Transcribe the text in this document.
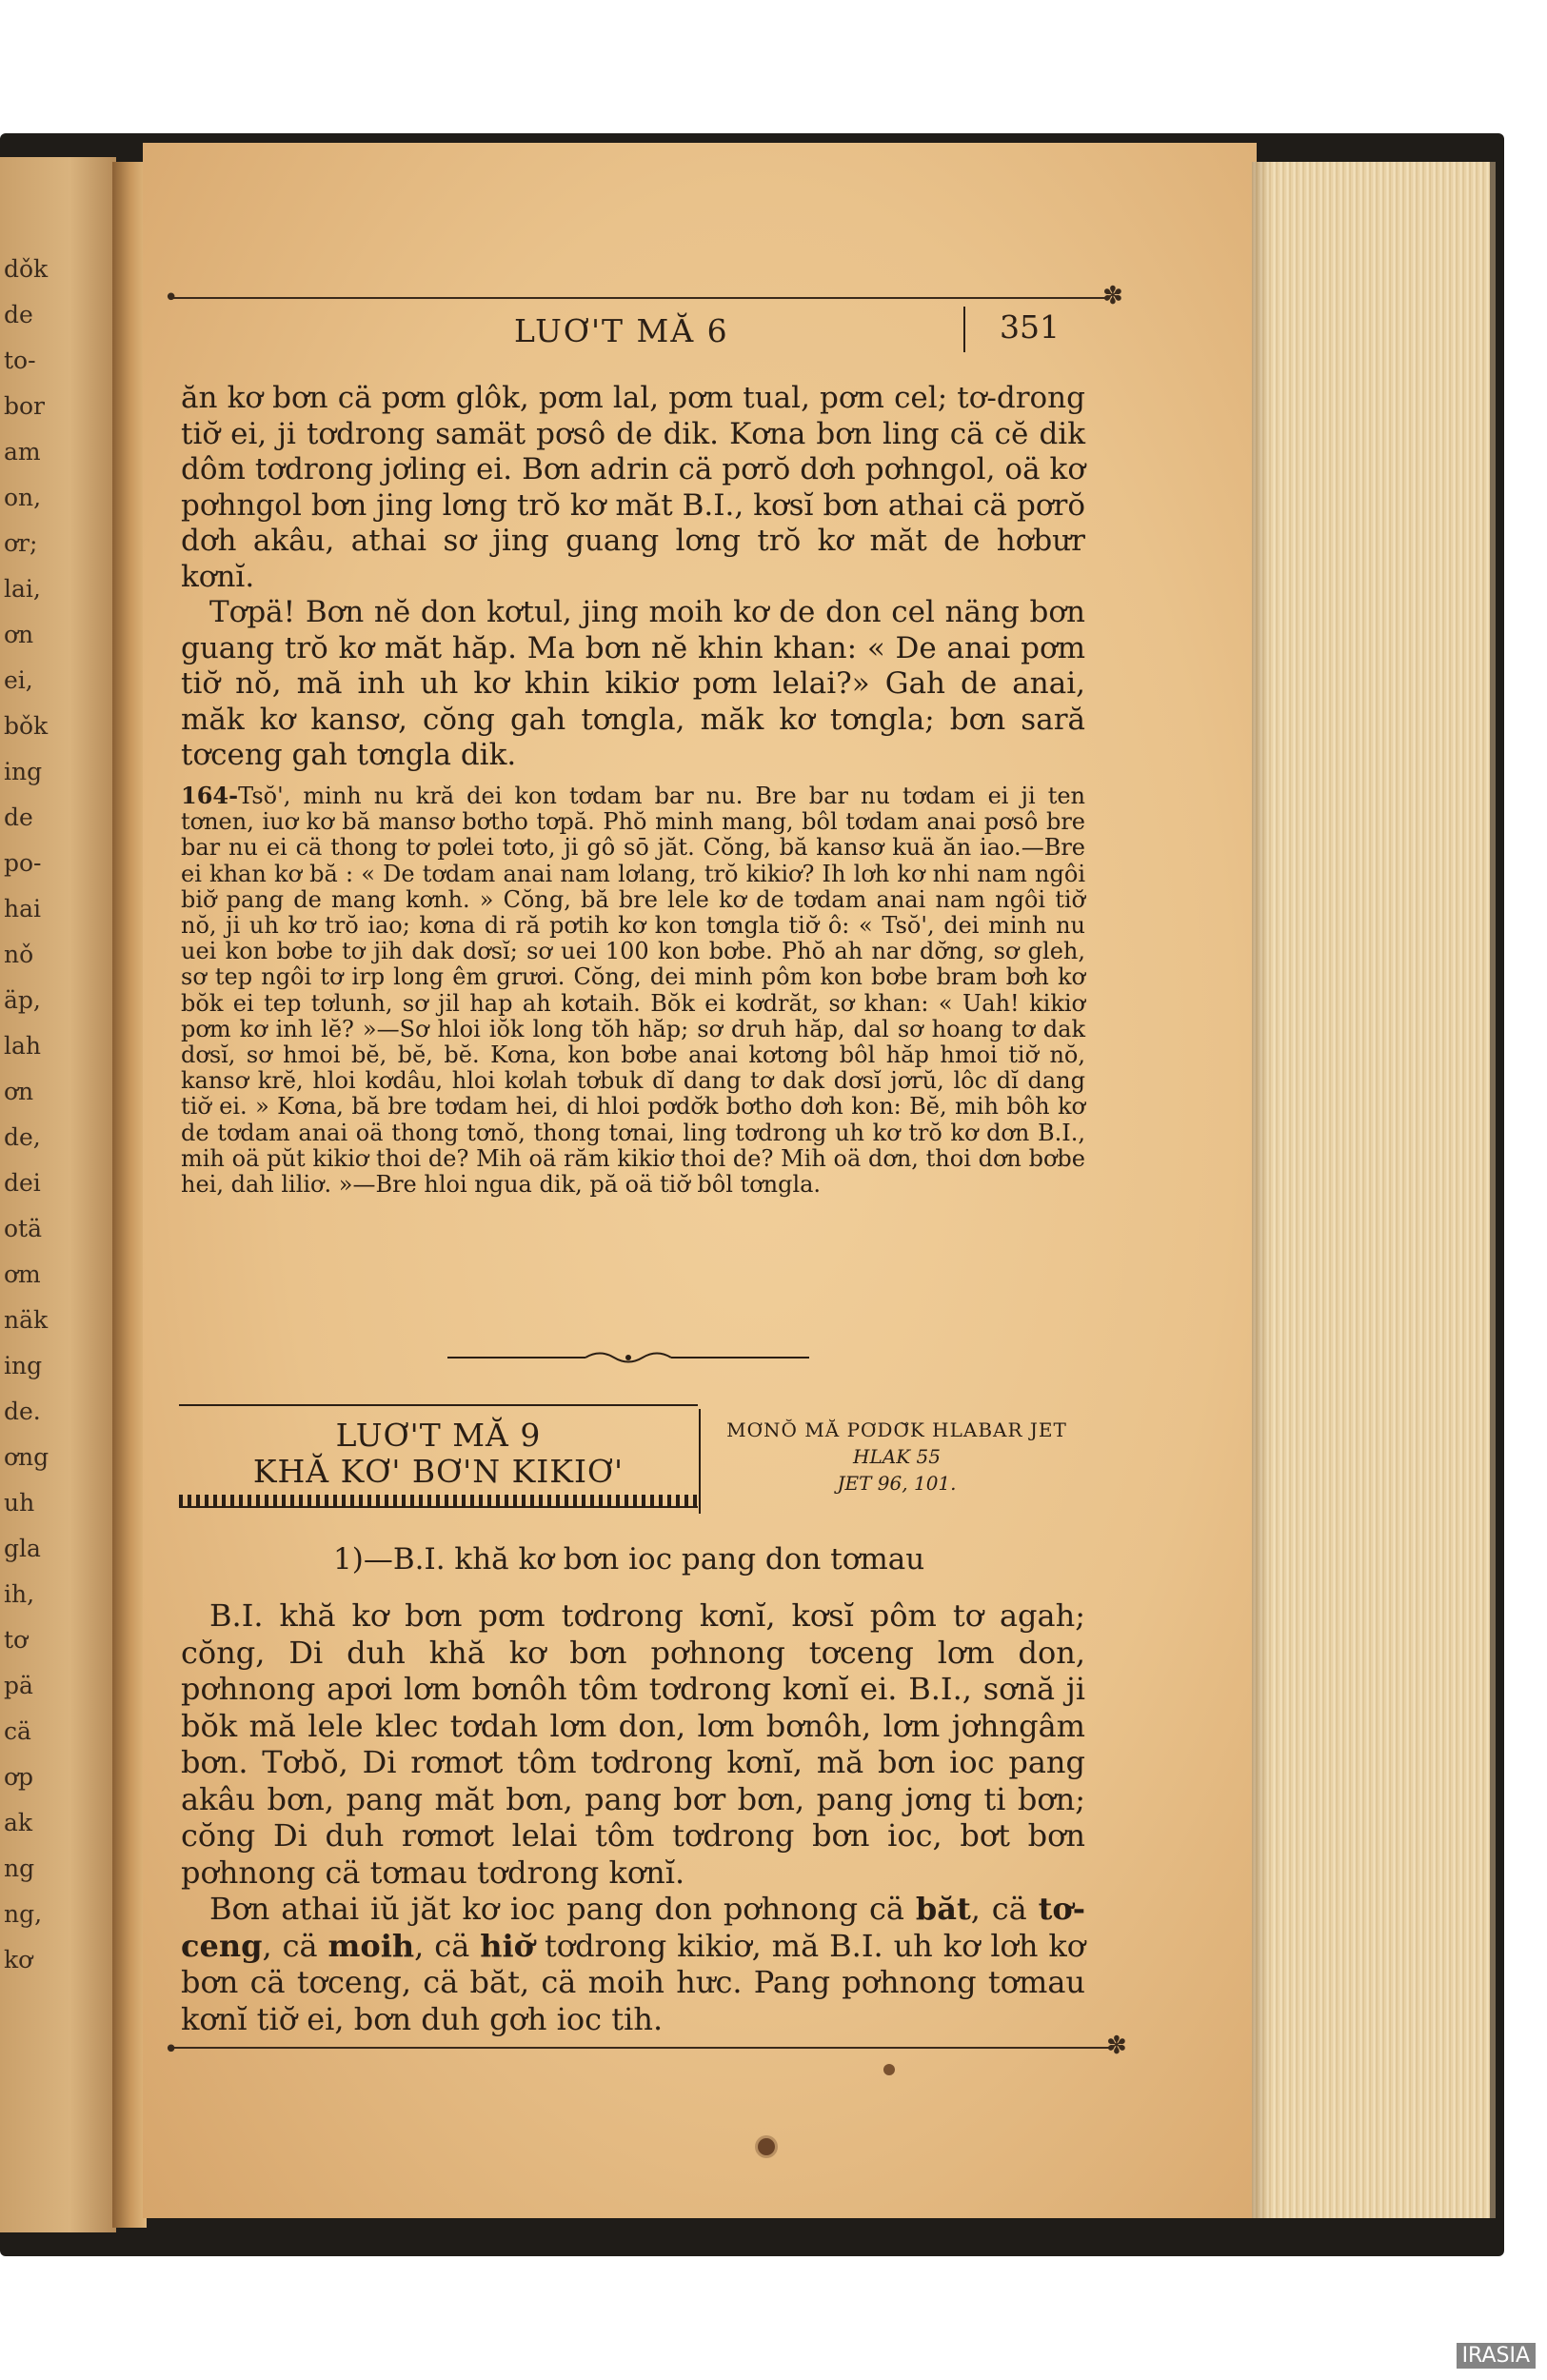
dǒk
de
to-
bor
am
on,
ơr;
lai,
ơn
ei,
bǒk
ing
de
po-
hai
nǒ
äp,
lah
ơn
de,
dei
otä
ơm
näk
ing
de.
ơng
uh
gla
ih,
tơ
pä
cä
ơp
ak
ng
ng,
kơ
•	✽
LUƠ'T MĂ 6	351

ăn kơ bơn cä pơm glôk, pơm lal, pơm tual, pơm cel; tơ-drong tiơ̆ ei, ji tơdrong samät pơsô de dik. Kơna bơn ling cä cĕ dik dôm tơdrong jơling ei. Bơn adrin cä pơrŏ dơh pơhngol, oä kơ pơhngol bơn jing lơng trŏ kơ măt B.I., kơsĭ bơn athai cä pơrŏ dơh akâu, athai sơ jing guang lơng trŏ kơ măt de hơbưr kơnĭ.

Tơpä! Bơn nĕ don kơtul, jing moih kơ de don cel näng bơn guang trŏ kơ măt hăp. Ma bơn nĕ khin khan: « De anai pơm tiơ̆ nŏ, mă inh uh kơ khin kikiơ pơm lelai?» Gah de anai, măk kơ kansơ, cŏng gah tơngla, măk kơ tơngla; bơn sară tơceng gah tơngla dik.

164-Tsŏ', minh nu kră dei kon tơdam bar nu. Bre bar nu tơdam ei ji ten tơnen, iuơ kơ bă mansơ bơtho tơpă. Phŏ minh mang, bôl tơdam anai pơsô bre bar nu ei cä thong tơ pơlei tơto, ji gô sō jăt. Cŏng, bă kansơ kuä ăn iao.—Bre ei khan kơ bă : « De tơdam anai nam lơlang, trŏ kikiơ? Ih lơh kơ nhi nam ngôi biơ̆ pang de mang kơnh. » Cŏng, bă bre lele kơ de tơdam anai nam ngôi tiơ̆ nŏ, ji uh kơ trŏ iao; kơna di ră pơtih kơ kon tơngla tiơ̆ ô: « Tsŏ', dei minh nu uei kon bơbe tơ jih dak dơsĭ; sơ uei 100 kon bơbe. Phŏ ah nar dơ̆ng, sơ gleh, sơ tep ngôi tơ irp long êm grươi. Cŏng, dei minh pôm kon bơbe bram bơh kơ bŏk ei tep tơlunh, sơ jil hap ah kơtaih. Bŏk ei kơdrăt, sơ khan: « Uah! kikiơ pơm kơ inh lĕ? »—Sơ hloi iŏk long tŏh hăp; sơ druh hăp, dal sơ hoang tơ dak dơsĭ, sơ hmoi bĕ, bĕ, bĕ. Kơna, kon bơbe anai kơtơng bôl hăp hmoi tiơ̆ nŏ, kansơ krĕ, hloi kơdâu, hloi kơlah tơbuk dĭ dang tơ dak dơsĭ jơrŭ, lôc dĭ dang tiơ̆ ei. » Kơna, bă bre tơdam hei, di hloi pơdơ̆k bơtho dơh kon: Bĕ, mih bôh kơ de tơdam anai oä thong tơnŏ, thong tơnai, ling tơdrong uh kơ trŏ kơ dơn B.I., mih oä pŭt kikiơ thoi de? Mih oä răm kikiơ thoi de? Mih oä dơn, thoi dơn bơbe hei, dah liliơ. »—Bre hloi ngua dik, pă oä tiơ̆ bôl tơngla.
LUƠ'T MĂ 9
KHĂ KƠ' BƠ'N KIKIƠ'
MƠNŎ MĂ PƠDƠ̆K HLABAR JET
HLAK 55
JET 96, 101.
1)—B.I. khă kơ bơn ioc pang don tơmau

B.I. khă kơ bơn pơm tơdrong kơnĭ, kơsĭ pôm tơ agah; cŏng, Di duh khă kơ bơn pơhnong tơceng lơm don, pơhnong apơi lơm bơnôh tôm tơdrong kơnĭ ei. B.I., sơnă ji bŏk mă lele klec tơdah lơm don, lơm bơnôh, lơm jơhngâm bơn. Tơbŏ, Di rơmơt tôm tơdrong kơnĭ, mă bơn ioc pang akâu bơn, pang măt bơn, pang bơr bơn, pang jơng ti bơn; cŏng Di duh rơmơt lelai tôm tơdrong bơn ioc, bơt bơn pơhnong cä tơmau tơdrong kơnĭ.

Bơn athai iŭ jăt kơ ioc pang don pơhnong cä băt, cä tơ-ceng, cä moih, cä hiơ̆ tơdrong kikiơ, mă B.I. uh kơ lơh kơ bơn cä tơceng, cä băt, cä moih hưc. Pang pơhnong tơmau kơnĭ tiơ̆ ei, bơn duh gơh ioc tih.

•	✽
IRASIA
